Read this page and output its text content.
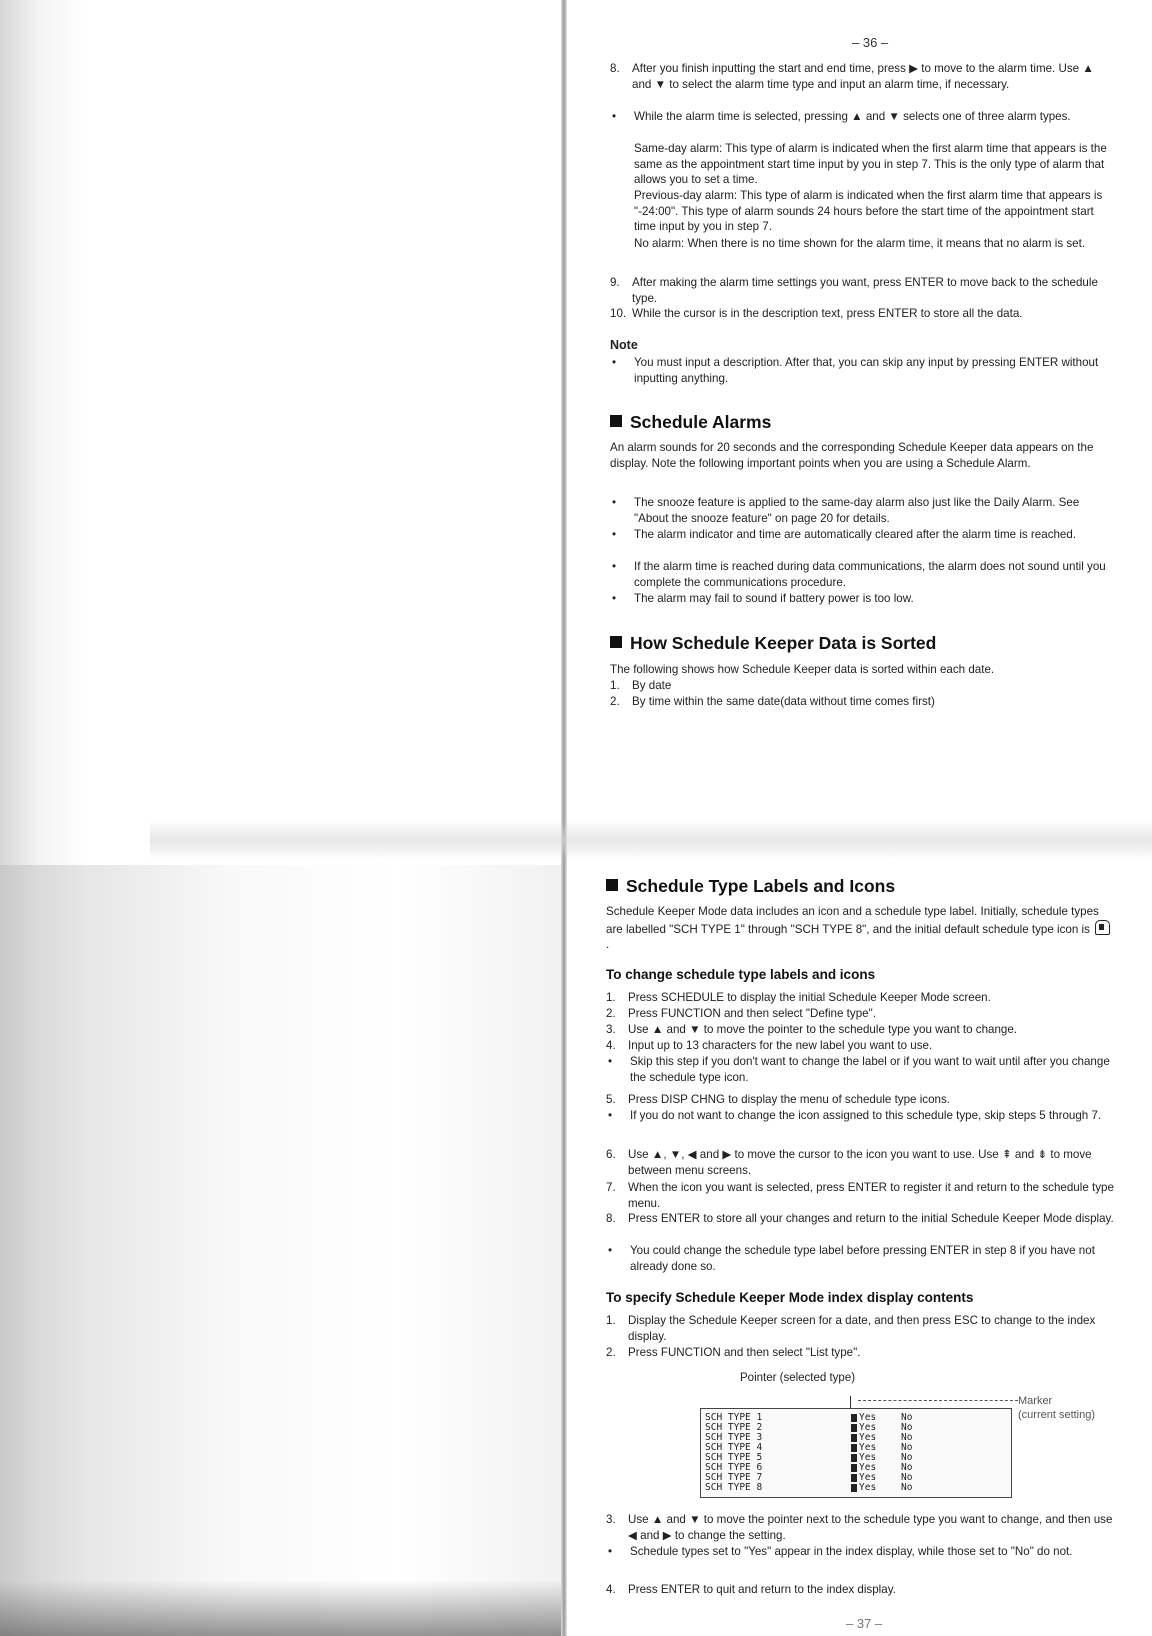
– 36 –
8. After you finish inputting the start and end time, press ▶ to move to the alarm time. Use ▲ and ▼ to select the alarm time type and input an alarm time, if necessary.
• While the alarm time is selected, pressing ▲ and ▼ selects one of three alarm types.

Same-day alarm: This type of alarm is indicated when the first alarm time that appears is the same as the appointment start time input by you in step 7. This is the only type of alarm that allows you to set a time.

Previous-day alarm: This type of alarm is indicated when the first alarm time that appears is "-24:00". This type of alarm sounds 24 hours before the start time of the appointment start time input by you in step 7.

No alarm: When there is no time shown for the alarm time, it means that no alarm is set.

9. After making the alarm time settings you want, press ENTER to move back to the schedule type.
10. While the cursor is in the description text, press ENTER to store all the data.
Note
• You must input a description. After that, you can skip any input by pressing ENTER without inputting anything.
Schedule Alarms

An alarm sounds for 20 seconds and the corresponding Schedule Keeper data appears on the display. Note the following important points when you are using a Schedule Alarm.

• The snooze feature is applied to the same-day alarm also just like the Daily Alarm. See "About the snooze feature" on page 20 for details.
• The alarm indicator and time are automatically cleared after the alarm time is reached.
• If the alarm time is reached during data communications, the alarm does not sound until you complete the communications procedure.
• The alarm may fail to sound if battery power is too low.
How Schedule Keeper Data is Sorted

The following shows how Schedule Keeper data is sorted within each date.

1. By date
2. By time within the same date(data without time comes first)
Schedule Type Labels and Icons

Schedule Keeper Mode data includes an icon and a schedule type label. Initially, schedule types are labelled "SCH TYPE 1" through "SCH TYPE 8", and the initial default schedule type icon is .

To change schedule type labels and icons
1. Press SCHEDULE to display the initial Schedule Keeper Mode screen.
2. Press FUNCTION and then select "Define type".
3. Use ▲ and ▼ to move the pointer to the schedule type you want to change.
4. Input up to 13 characters for the new label you want to use.
• Skip this step if you don't want to change the label or if you want to wait until after you change the schedule type icon.
5. Press DISP CHNG to display the menu of schedule type icons.
• If you do not want to change the icon assigned to this schedule type, skip steps 5 through 7.
6. Use ▲, ▼, ◀ and ▶ to move the cursor to the icon you want to use. Use ⇞ and ⇟ to move between menu screens.
7. When the icon you want is selected, press ENTER to register it and return to the schedule type menu.
8. Press ENTER to store all your changes and return to the initial Schedule Keeper Mode display.
• You could change the schedule type label before pressing ENTER in step 8 if you have not already done so.
To specify Schedule Keeper Mode index display contents
1. Display the Schedule Keeper screen for a date, and then press ESC to change to the index display.
2. Press FUNCTION and then select "List type".
Pointer (selected type)
Marker
(current setting)
SCH TYPE 1	Yes	No
SCH TYPE 2	Yes	No
SCH TYPE 3	Yes	No
SCH TYPE 4	Yes	No
SCH TYPE 5	Yes	No
SCH TYPE 6	Yes	No
SCH TYPE 7	Yes	No
SCH TYPE 8	Yes	No
3. Use ▲ and ▼ to move the pointer next to the schedule type you want to change, and then use ◀ and ▶ to change the setting.
• Schedule types set to "Yes" appear in the index display, while those set to "No" do not.
4. Press ENTER to quit and return to the index display.
– 37 –
